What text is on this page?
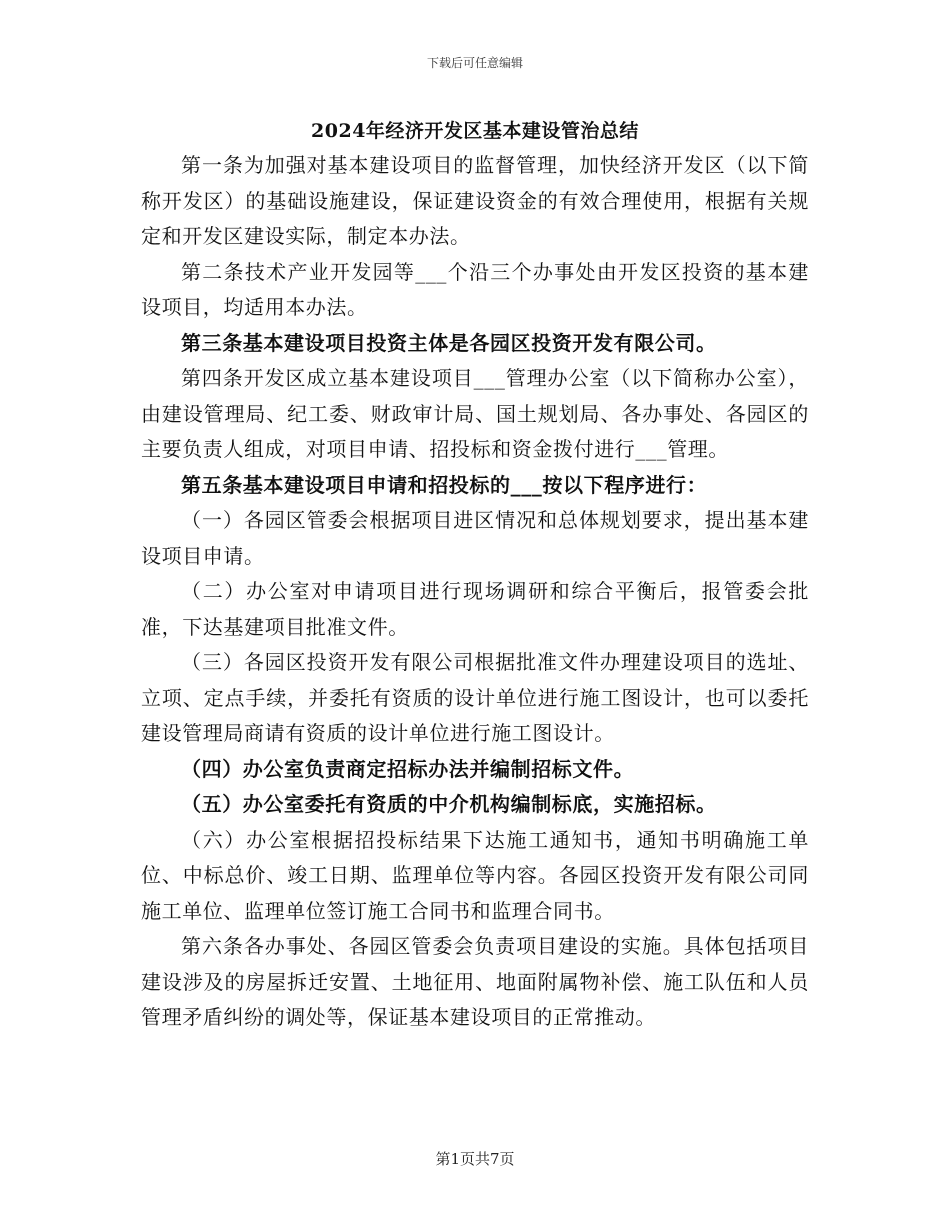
下载后可任意编辑
2024年经济开发区基本建设管治总结

第一条为加强对基本建设项目的监督管理，加快经济开发区（以下简称开发区）的基础设施建设，保证建设资金的有效合理使用，根据有关规定和开发区建设实际，制定本办法。

第二条技术产业开发园等___个沿三个办事处由开发区投资的基本建设项目，均适用本办法。

第三条基本建设项目投资主体是各园区投资开发有限公司。

第四条开发区成立基本建设项目___管理办公室（以下简称办公室），由建设管理局、纪工委、财政审计局、国土规划局、各办事处、各园区的主要负责人组成，对项目申请、招投标和资金拨付进行___管理。

第五条基本建设项目申请和招投标的___按以下程序进行：

（一）各园区管委会根据项目进区情况和总体规划要求，提出基本建设项目申请。

（二）办公室对申请项目进行现场调研和综合平衡后，报管委会批准，下达基建项目批准文件。

（三）各园区投资开发有限公司根据批准文件办理建设项目的选址、立项、定点手续，并委托有资质的设计单位进行施工图设计，也可以委托建设管理局商请有资质的设计单位进行施工图设计。

（四）办公室负责商定招标办法并编制招标文件。

（五）办公室委托有资质的中介机构编制标底，实施招标。

（六）办公室根据招投标结果下达施工通知书，通知书明确施工单位、中标总价、竣工日期、监理单位等内容。各园区投资开发有限公司同施工单位、监理单位签订施工合同书和监理合同书。

第六条各办事处、各园区管委会负责项目建设的实施。具体包括项目建设涉及的房屋拆迁安置、土地征用、地面附属物补偿、施工队伍和人员管理矛盾纠纷的调处等，保证基本建设项目的正常推动。

第1页共7页
